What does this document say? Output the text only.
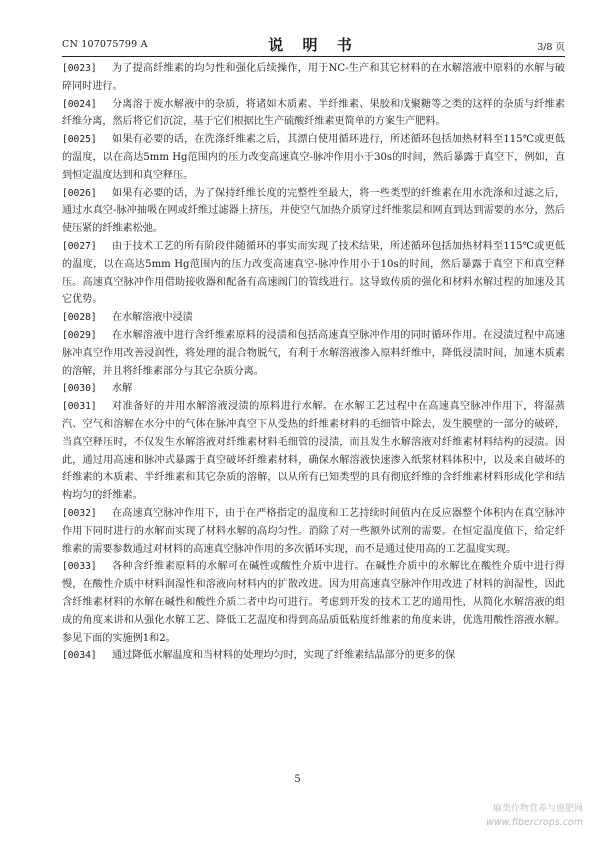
CN 107075799 A	说 明 书	3/8 页

[0023] 为了提高纤维素的均匀性和强化后续操作，用于NC-生产和其它材料的在水解溶液中原料的水解与破碎同时进行。

[0024] 分离溶于废水解液中的杂质，将诸如木质素、半纤维素、果胶和戊聚糖等之类的这样的杂质与纤维素纤维分离，然后将它们沉淀，基于它们根据比生产硫酸纤维素更简单的方案生产肥料。

[0025] 如果有必要的话，在洗涤纤维素之后，其漂白使用循环进行，所述循环包括加热材料至115℃或更低的温度，以在高达5mm Hg范围内的压力改变高速真空-脉冲作用小于30s的时间，然后暴露于真空下，例如，直到恒定温度达到和真空释压。

[0026] 如果有必要的话，为了保持纤维长度的完整性至最大，将一些类型的纤维素在用水洗涤和过滤之后，通过水真空-脉冲抽吸在网或纤维过滤器上挤压，并使空气加热介质穿过纤维浆层和网直到达到需要的水分，然后使压紧的纤维素松弛。

[0027] 由于技术工艺的所有阶段伴随循环的事实而实现了技术结果，所述循环包括加热材料至115℃或更低的温度，以在高达5mm Hg范围内的压力改变高速真空-脉冲作用小于10s的时间，然后暴露于真空下和真空释压。高速真空脉冲作用借助接收器和配备有高速阀门的管线进行。这导致传质的强化和材料水解过程的加速及其它优势。

[0028] 在水解溶液中浸渍

[0029] 在水解溶液中进行含纤维素原料的浸渍和包括高速真空脉冲作用的同时循环作用。在浸渍过程中高速脉冲真空作用改善浸润性，将处理的混合物脱气，有利于水解溶液渗入原料纤维中，降低浸渍时间，加速木质素的溶解，并且将纤维素部分与其它杂质分离。

[0030] 水解

[0031] 对准备好的并用水解溶液浸渍的原料进行水解。在水解工艺过程中在高速真空脉冲作用下，将湿蒸汽、空气和溶解在水分中的气体在脉冲真空下从受热的纤维素材料的毛细管中除去，发生膜壁的一部分的破碎，当真空释压时，不仅发生水解溶液对纤维素材料毛细管的浸渍，而且发生水解溶液对纤维素材料结构的浸渍。因此，通过用高速和脉冲式暴露于真空破坏纤维素材料，确保水解溶液快速渗入纸浆材料体积中，以及来自破坏的纤维素的木质素、半纤维素和其它杂质的溶解，以从所有已知类型的具有彻底纤维的含纤维素材料形成化学和结构均匀的纤维素。

[0032] 在高速真空脉冲作用下，由于在严格指定的温度和工艺持续时间值内在反应器整个体积内在真空脉冲作用下同时进行的水解而实现了材料水解的高均匀性。消除了对一些额外试剂的需要。在恒定温度值下，给定纤维素的需要参数通过对材料的高速真空脉冲作用的多次循环实现，而不是通过使用高的工艺温度实现。

[0033] 各种含纤维素原料的水解可在碱性或酸性介质中进行。在碱性介质中的水解比在酸性介质中进行得慢，在酸性介质中材料润湿性和溶液向材料内的扩散改进。因为用高速真空脉冲作用改进了材料的润湿性，因此含纤维素材料的水解在碱性和酸性介质二者中均可进行。考虑到开发的技术工艺的通用性，从简化水解溶液的组成的角度来讲和从强化水解工艺、降低工艺温度和得到高品质低粘度纤维素的角度来讲，优选用酸性溶液水解。参见下面的实施例1和2。

[0034] 通过降低水解温度和当材料的处理均匀时，实现了纤维素结晶部分的更多的保

5
麻类作物营养与施肥网
www.fibercrops.com
